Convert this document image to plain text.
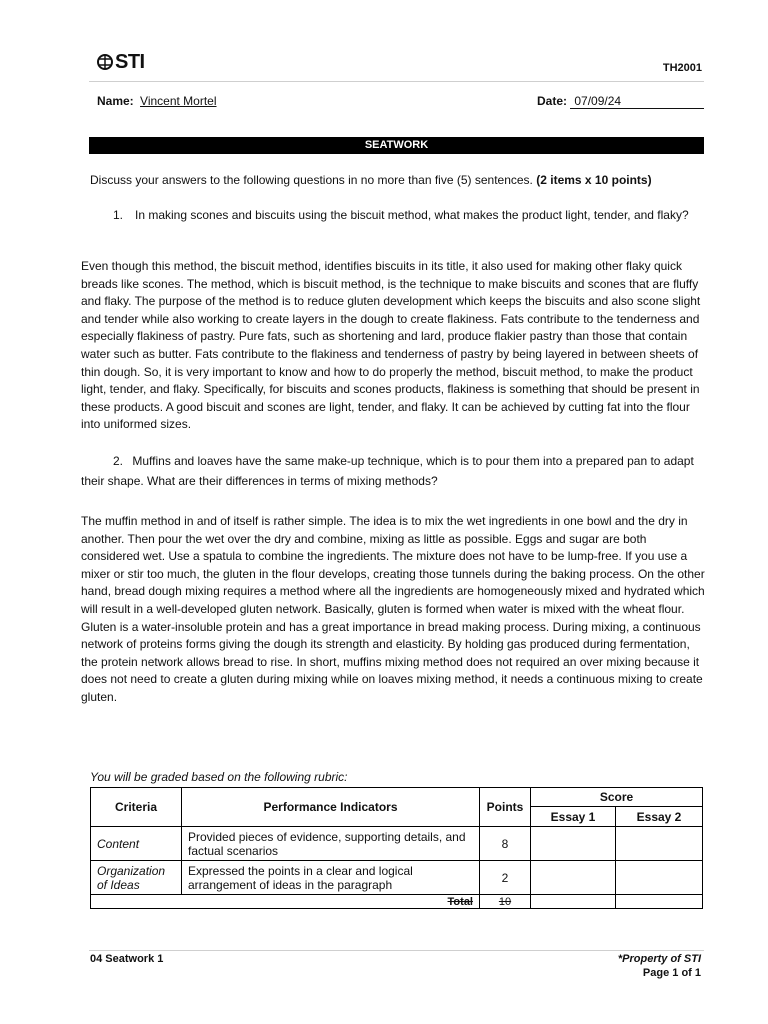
STI	TH2001
Name: Vincent Mortel	Date: 07/09/24
SEATWORK
Discuss your answers to the following questions in no more than five (5) sentences. (2 items x 10 points)
1. In making scones and biscuits using the biscuit method, what makes the product light, tender, and flaky?
Even though this method, the biscuit method, identifies biscuits in its title, it also used for making other flaky quick breads like scones. The method, which is biscuit method, is the technique to make biscuits and scones that are fluffy and flaky. The purpose of the method is to reduce gluten development which keeps the biscuits and also scone slight and tender while also working to create layers in the dough to create flakiness. Fats contribute to the tenderness and especially flakiness of pastry. Pure fats, such as shortening and lard, produce flakier pastry than those that contain water such as butter. Fats contribute to the flakiness and tenderness of pastry by being layered in between sheets of thin dough. So, it is very important to know and how to do properly the method, biscuit method, to make the product light, tender, and flaky. Specifically, for biscuits and scones products, flakiness is something that should be present in these products. A good biscuit and scones are light, tender, and flaky. It can be achieved by cutting fat into the flour into uniformed sizes.
2. Muffins and loaves have the same make-up technique, which is to pour them into a prepared pan to adapt their shape. What are their differences in terms of mixing methods?
The muffin method in and of itself is rather simple. The idea is to mix the wet ingredients in one bowl and the dry in another. Then pour the wet over the dry and combine, mixing as little as possible. Eggs and sugar are both considered wet. Use a spatula to combine the ingredients. The mixture does not have to be lump-free. If you use a mixer or stir too much, the gluten in the flour develops, creating those tunnels during the baking process. On the other hand, bread dough mixing requires a method where all the ingredients are homogeneously mixed and hydrated which will result in a well-developed gluten network. Basically, gluten is formed when water is mixed with the wheat flour. Gluten is a water-insoluble protein and has a great importance in bread making process. During mixing, a continuous network of proteins forms giving the dough its strength and elasticity. By holding gas produced during fermentation, the protein network allows bread to rise. In short, muffins mixing method does not required an over mixing because it does not need to create a gluten during mixing while on loaves mixing method, it needs a continuous mixing to create gluten.
You will be graded based on the following rubric:
Criteria	Performance Indicators	Points	Score	
			Essay 1	Essay 2
Content	Provided pieces of evidence, supporting details, and factual scenarios	8		
Organization of Ideas	Expressed the points in a clear and logical arrangement of ideas in the paragraph	2		
Total		10		
04 Seatwork 1	*Property of STI
Page 1 of 1
